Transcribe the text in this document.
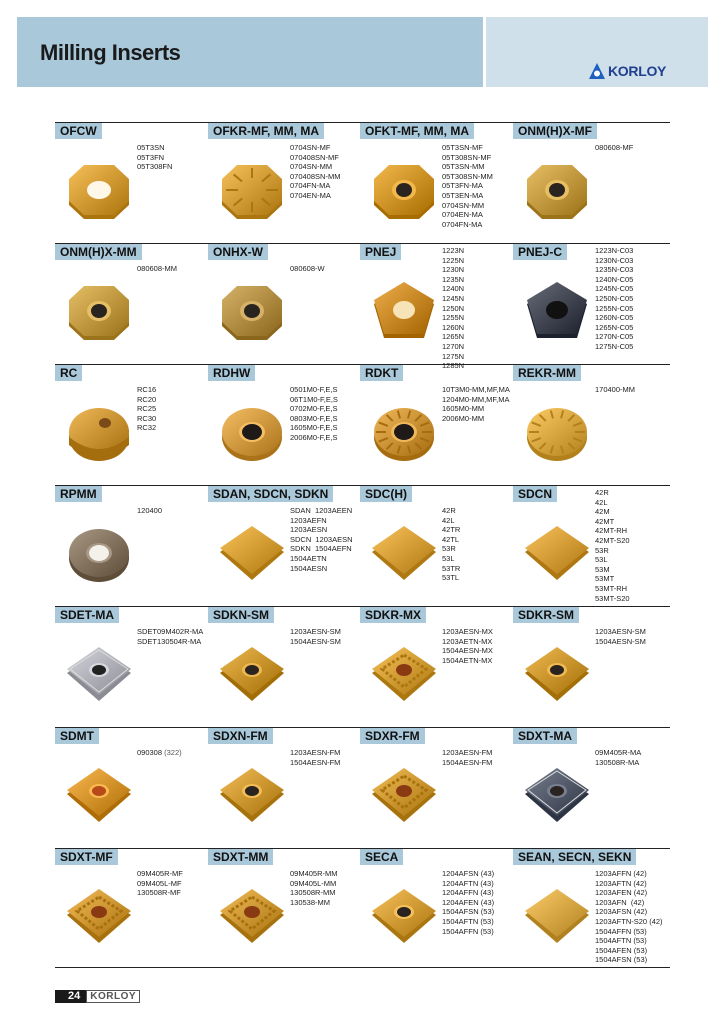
Milling Inserts
KORLOY
OFCW
05T3SN
05T3FN
05T308FN
OFKR-MF, MM, MA
0704SN-MF
070408SN-MF
0704SN-MM
070408SN-MM
0704FN-MA
0704EN-MA
OFKT-MF, MM, MA
05T3SN-MF
05T308SN-MF
05T3SN-MM
05T308SN-MM
05T3FN-MA
05T3EN-MA
0704SN-MM
0704EN-MA
0704FN-MA
ONM(H)X-MF
080608-MF
ONM(H)X-MM
080608-MM
ONHX-W
080608-W
PNEJ	1223N
1225N
1230N
1235N
1240N
1245N
1250N
1255N
1260N
1265N
1270N
1275N
1285N
PNEJ-C	1223N-C03
1230N-C03
1235N-C03
1240N-C05
1245N-C05
1250N-C05
1255N-C05
1260N-C05
1265N-C05
1270N-C05
1275N-C05
RC
RC16
RC20
RC25
RC30
RC32
RDHW
0501M0-F,E,S
06T1M0-F,E,S
0702M0-F,E,S
0803M0-F,E,S
1605M0-F,E,S
2006M0-F,E,S
RDKT
10T3M0-MM,MF,MA
1204M0-MM,MF,MA
1605M0-MM
2006M0-MM
REKR-MM
170400-MM
RPMM
120400
SDAN, SDCN, SDKN
SDAN  1203AEEN
1203AEFN
1203AESN
SDCN  1203AESN
SDKN  1504AEFN
1504AETN
1504AESN
SDC(H)
42R
42L
42TR
42TL
53R
53L
53TR
53TL
SDCN	42R
42L
42M
42MT
42MT-RH
42MT-S20
53R
53L
53M
53MT
53MT-RH
53MT-S20
SDET-MA
SDET09M402R-MA
SDET130504R-MA
SDKN-SM
1203AESN-SM
1504AESN-SM
SDKR-MX
1203AESN-MX
1203AETN-MX
1504AESN-MX
1504AETN-MX
SDKR-SM
1203AESN-SM
1504AESN-SM
SDMT
090308 (322)
SDXN-FM
1203AESN-FM
1504AESN-FM
SDXR-FM
1203AESN-FM
1504AESN-FM
SDXT-MA
09M405R-MA
130508R-MA
SDXT-MF
09M405R-MF
09M405L-MF
130508R-MF
SDXT-MM
09M405R-MM
09M405L-MM
130508R-MM
130538-MM
SECA
1204AFSN (43)
1204AFTN (43)
1204AFFN (43)
1204AFEN (43)
1504AFSN (53)
1504AFTN (53)
1504AFFN (53)
SEAN, SECN, SEKN
1203AFFN (42)
1203AFTN (42)
1203AFEN (42)
1203AFN  (42)
1203AFSN (42)
1203AFTN-S20 (42)
1504AFFN (53)
1504AFTN (53)
1504AFEN (53)
1504AFSN (53)
24	KORLOY
